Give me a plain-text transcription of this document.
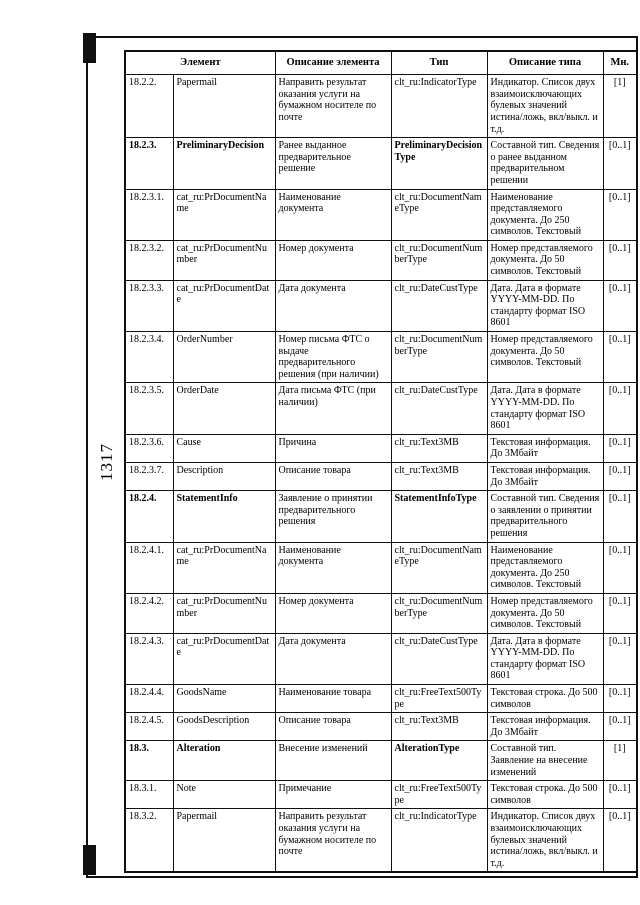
1317
Элемент		Описание элемента	Тип	Описание типа	Мн.
18.2.2.	Papermail	Направить результат оказания услуги на бумажном носителе по почте	clt_ru:IndicatorType	Индикатор. Список двух взаимоисключающих булевых значений истина/ложь, вкл/выкл. и т.д.	[1]
18.2.3.	PreliminaryDecision	Ранее выданное предварительное решение	PreliminaryDecisionType	Составной тип. Сведения о ранее выданном предварительном решении	[0..1]
18.2.3.1.	cat_ru:PrDocumentName	Наименование документа	clt_ru:DocumentNameType	Наименование представляемого документа. До 250 символов. Текстовый	[0..1]
18.2.3.2.	cat_ru:PrDocumentNumber	Номер документа	clt_ru:DocumentNumberType	Номер представляемого документа. До 50 символов. Текстовый	[0..1]
18.2.3.3.	cat_ru:PrDocumentDate	Дата документа	clt_ru:DateCustType	Дата. Дата в формате YYYY-MM-DD. По стандарту формат ISO 8601	[0..1]
18.2.3.4.	OrderNumber	Номер письма ФТС о выдаче предварительного решения (при наличии)	clt_ru:DocumentNumberType	Номер представляемого документа. До 50 символов. Текстовый	[0..1]
18.2.3.5.	OrderDate	Дата письма ФТС (при наличии)	clt_ru:DateCustType	Дата. Дата в формате YYYY-MM-DD. По стандарту формат ISO 8601	[0..1]
18.2.3.6.	Cause	Причина	clt_ru:Text3MB	Текстовая информация. До 3Мбайт	[0..1]
18.2.3.7.	Description	Описание товара	clt_ru:Text3MB	Текстовая информация. До 3Мбайт	[0..1]
18.2.4.	StatementInfo	Заявление о принятии предварительного решения	StatementInfoType	Составной тип. Сведения о заявлении о принятии предварительного решения	[0..1]
18.2.4.1.	cat_ru:PrDocumentName	Наименование документа	clt_ru:DocumentNameType	Наименование представляемого документа. До 250 символов. Текстовый	[0..1]
18.2.4.2.	cat_ru:PrDocumentNumber	Номер документа	clt_ru:DocumentNumberType	Номер представляемого документа. До 50 символов. Текстовый	[0..1]
18.2.4.3.	cat_ru:PrDocumentDate	Дата документа	clt_ru:DateCustType	Дата. Дата в формате YYYY-MM-DD. По стандарту формат ISO 8601	[0..1]
18.2.4.4.	GoodsName	Наименование товара	clt_ru:FreeText500Type	Текстовая строка. До 500 символов	[0..1]
18.2.4.5.	GoodsDescription	Описание товара	clt_ru:Text3MB	Текстовая информация. До 3Мбайт	[0..1]
18.3.	Alteration	Внесение изменений	AlterationType	Составной тип. Заявление на внесение изменений	[1]
18.3.1.	Note	Примечание	clt_ru:FreeText500Type	Текстовая строка. До 500 символов	[0..1]
18.3.2.	Papermail	Направить результат оказания услуги на бумажном носителе по почте	clt_ru:IndicatorType	Индикатор. Список двух взаимоисключающих булевых значений истина/ложь, вкл/выкл. и т.д.	[0..1]
